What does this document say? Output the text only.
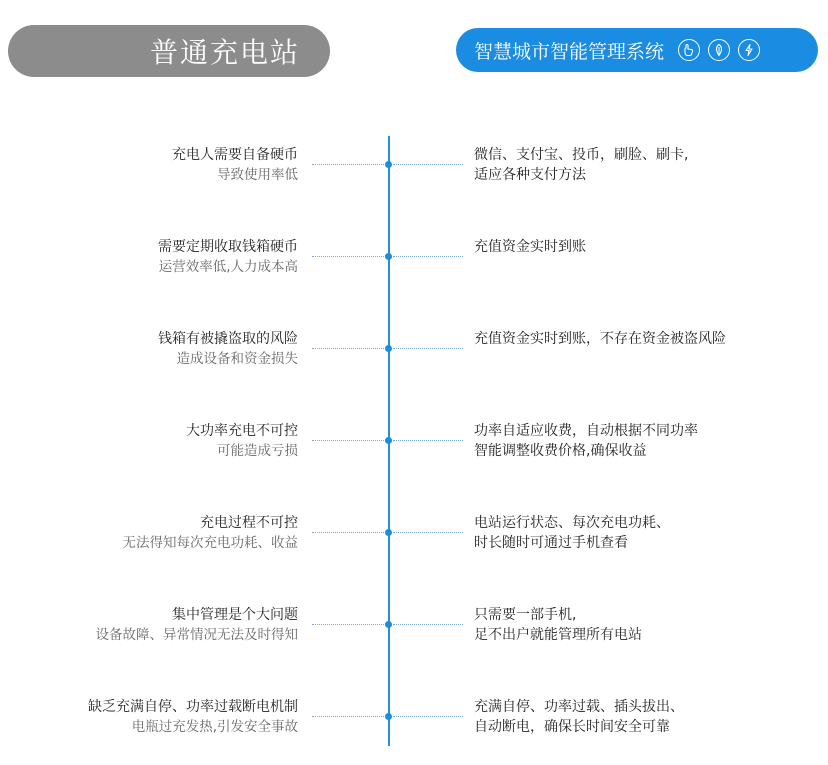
普通充电站	智慧城市智能管理系统
充电人需要自备硬币
导致使用率低
微信、支付宝、投币，刷脸、刷卡,
适应各种支付方法
需要定期收取钱箱硬币
运营效率低,人力成本高
充值资金实时到账
钱箱有被撬盗取的风险
造成设备和资金损失
充值资金实时到账，不存在资金被盗风险
大功率充电不可控
可能造成亏损
功率自适应收费，自动根据不同功率
智能调整收费价格,确保收益
充电过程不可控
无法得知每次充电功耗、收益
电站运行状态、每次充电功耗、
时长随时可通过手机查看
集中管理是个大问题
设备故障、异常情况无法及时得知
只需要一部手机,
足不出户就能管理所有电站
缺乏充满自停、功率过载断电机制
电瓶过充发热,引发安全事故
充满自停、功率过载、插头拔出、
自动断电，确保长时间安全可靠
